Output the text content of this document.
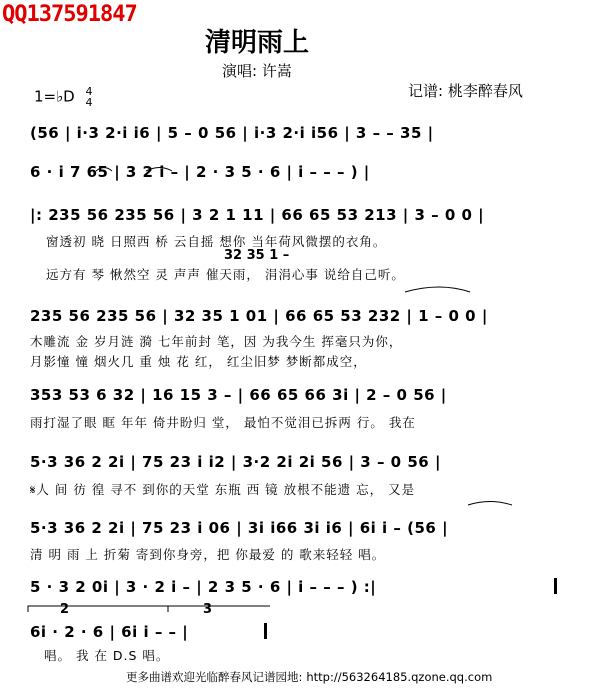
QQ137591847
清明雨上
演唱: 许嵩
1=♭D 4
4
记谱: 桃李醉春风
(56 | i·3 2·i i6 | 5 – 0 56 | i·3 2·i i56 | 3 – – 35 |
6 · i 7 65 | 3 2 i – | 2 · 3 5 · 6 | i – – – ) |
|: 235 56 235 56 | 3 2 1 11 | 66 65 53 213 | 3 – 0 0 |
窗透初 晓 日照西 桥 云自摇 想你 当年荷风微摆的衣角。
32 35 1 –
远方有 琴 愀然空 灵 声声 催天雨， 涓涓心事 说给自己听。
235 56 235 56 | 32 35 1 01 | 66 65 53 232 | 1 – 0 0 |
木雕流 金 岁月涟 漪 七年前封 笔，因 为我今生 挥毫只为你，
月影憧 憧 烟火几 重 烛 花 红， 红尘旧梦 梦断都成空，
353 53 6 32 | 16 15 3 – | 66 65 66 3i | 2 – 0 56 |
雨打湿了眼 眶 年年 倚井盼归 堂， 最怕不觉泪已拆两 行。 我在
5·3 36 2 2i | 75 23 i i2 | 3·2 2i 2i 56 | 3 – 0 56 |
𝄋人 间 彷 徨 寻不 到你的天堂 东瓶 西 镜 放根不能遗 忘， 又是
5·3 36 2 2i | 75 23 i 06 | 3i i66 3i i6 | 6i i – (56 |
清 明 雨 上 折菊 寄到你身旁，把 你最爱 的 歌来轻轻 唱。
5 · 3 2 0i | 3 · 2 i – | 2 3 5 · 6 | i – – – ) :|
2	3
6i · 2 · 6 | 6i i – – |
唱。 我 在 D.S 唱。
更多曲谱欢迎光临醉春风记谱园地: http://563264185.qzone.qq.com
